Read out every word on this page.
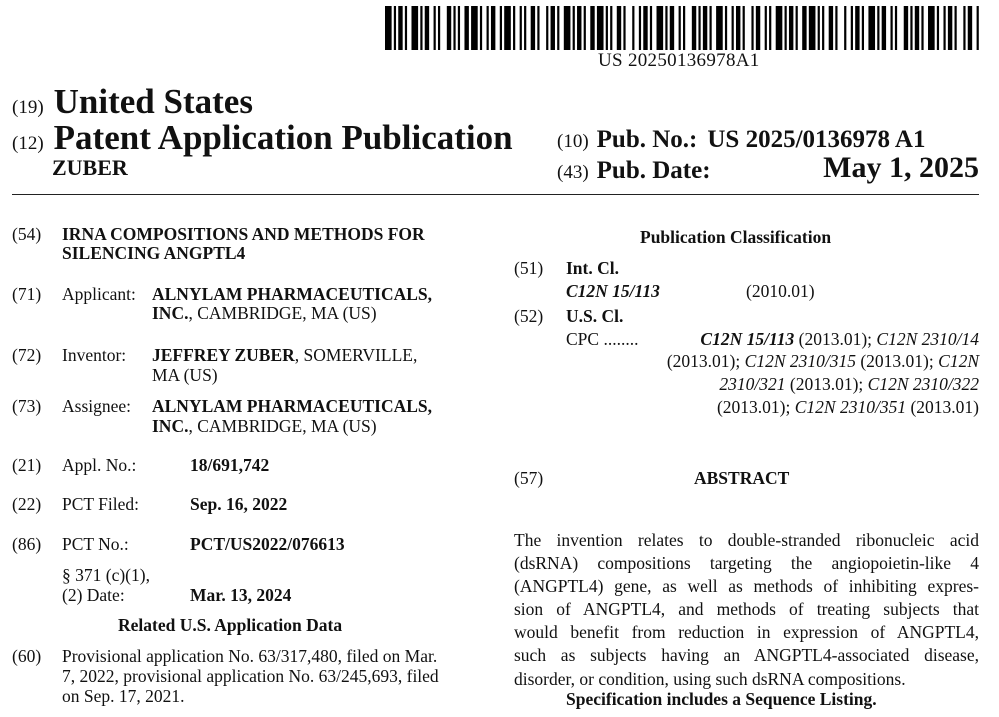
US 20250136978A1
(19) United States
(12) Patent Application Publication
ZUBER
(10) Pub. No.: US 2025/0136978 A1
(43) Pub. Date:	May 1, 2025
(54) IRNA COMPOSITIONS AND METHODS FOR
SILENCING ANGPTL4
(71) Applicant: ALNYLAM PHARMACEUTICALS,
INC., CAMBRIDGE, MA (US)
(72) Inventor: JEFFREY ZUBER, SOMERVILLE,
MA (US)
(73) Assignee: ALNYLAM PHARMACEUTICALS,
INC., CAMBRIDGE, MA (US)
(21) Appl. No.:	18/691,742
(22) PCT Filed:	Sep. 16, 2022
(86) PCT No.:	PCT/US2022/076613
§ 371 (c)(1),
(2) Date:	Mar. 13, 2024
Related U.S. Application Data
(60) Provisional application No. 63/317,480, filed on Mar.
7, 2022, provisional application No. 63/245,693, filed
on Sep. 17, 2021.
Publication Classification
(51) Int. Cl.
C12N 15/113	(2010.01)
(52) U.S. Cl.
CPC ........	C12N 15/113 (2013.01); C12N 2310/14
(2013.01); C12N 2310/315 (2013.01); C12N
2310/321 (2013.01); C12N 2310/322
(2013.01); C12N 2310/351 (2013.01)
(57)	ABSTRACT
The invention relates to double-stranded ribonucleic acid
(dsRNA) compositions targeting the angiopoietin-like 4
(ANGPTL4) gene, as well as methods of inhibiting expres-
sion of ANGPTL4, and methods of treating subjects that
would benefit from reduction in expression of ANGPTL4,
such as subjects having an ANGPTL4-associated disease,
disorder, or condition, using such dsRNA compositions.
Specification includes a Sequence Listing.
